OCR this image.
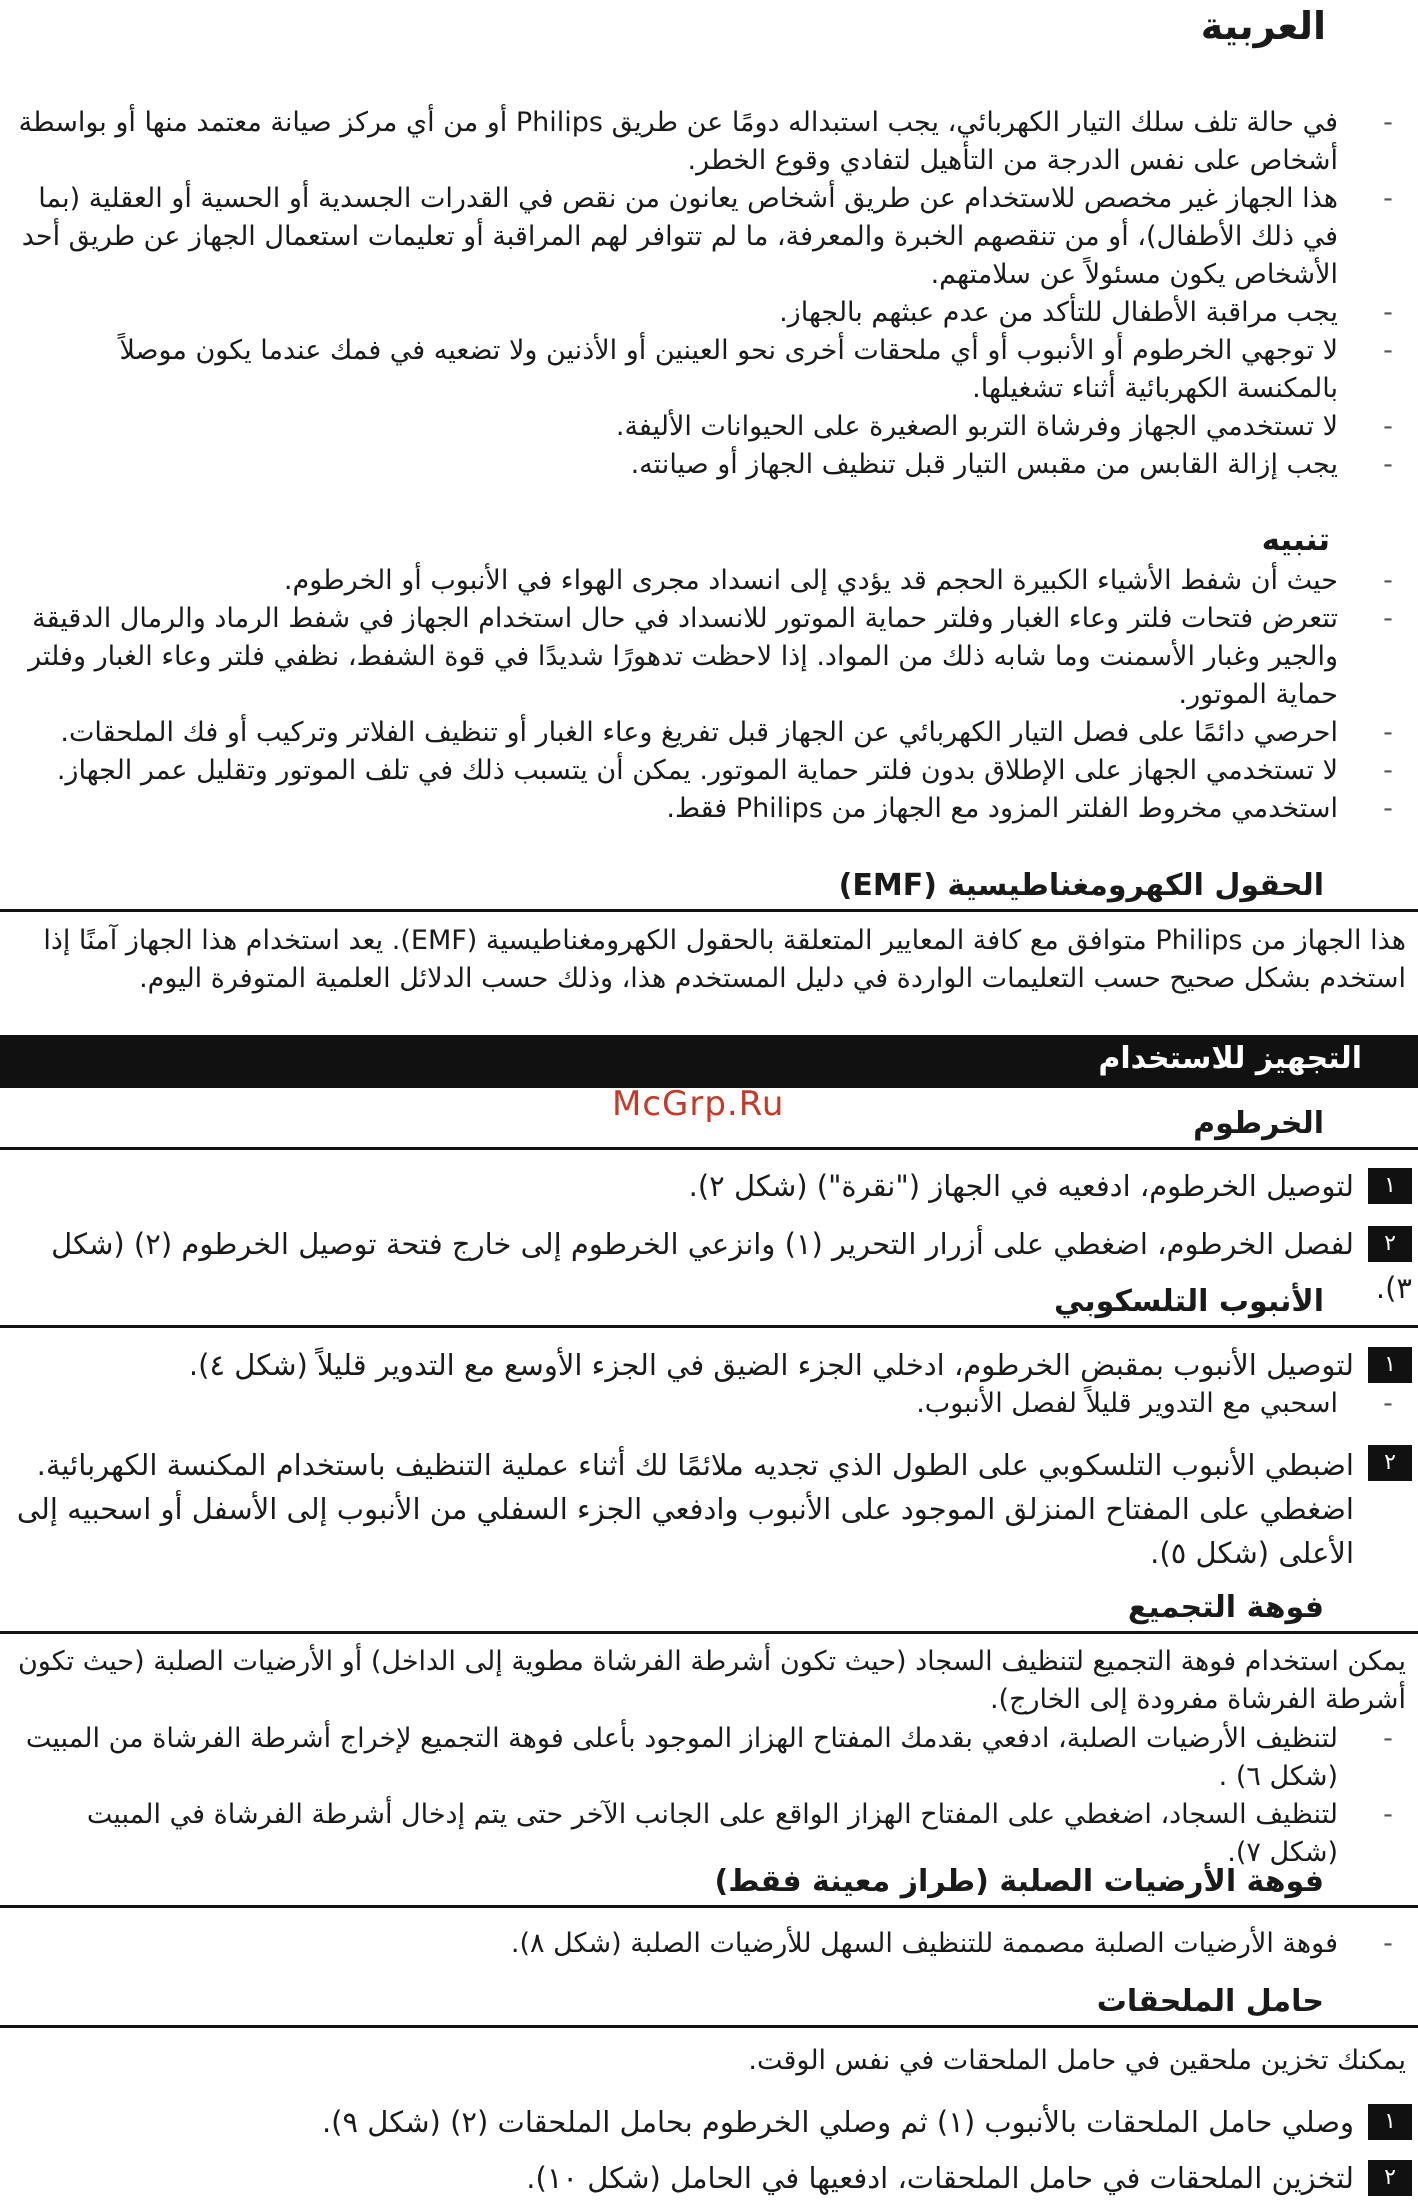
العربية
- في حالة تلف سلك التيار الكهربائي، يجب استبداله دومًا عن طريق Philips أو من أي مركز صيانة معتمد منها أو بواسطة أشخاص على نفس الدرجة من التأهيل لتفادي وقوع الخطر.
- هذا الجهاز غير مخصص للاستخدام عن طريق أشخاص يعانون من نقص في القدرات الجسدية أو الحسية أو العقلية (بما في ذلك الأطفال)، أو من تنقصهم الخبرة والمعرفة، ما لم تتوافر لهم المراقبة أو تعليمات استعمال الجهاز عن طريق أحد الأشخاص يكون مسئولاً عن سلامتهم.
- يجب مراقبة الأطفال للتأكد من عدم عبثهم بالجهاز.
- لا توجهي الخرطوم أو الأنبوب أو أي ملحقات أخرى نحو العينين أو الأذنين ولا تضعيه في فمك عندما يكون موصلاً بالمكنسة الكهربائية أثناء تشغيلها.
- لا تستخدمي الجهاز وفرشاة التربو الصغيرة على الحيوانات الأليفة.
- يجب إزالة القابس من مقبس التيار قبل تنظيف الجهاز أو صيانته.
تنبيه
- حيث أن شفط الأشياء الكبيرة الحجم قد يؤدي إلى انسداد مجرى الهواء في الأنبوب أو الخرطوم.
- تتعرض فتحات فلتر وعاء الغبار وفلتر حماية الموتور للانسداد في حال استخدام الجهاز في شفط الرماد والرمال الدقيقة والجير وغبار الأسمنت وما شابه ذلك من المواد. إذا لاحظت تدهورًا شديدًا في قوة الشفط، نظفي فلتر وعاء الغبار وفلتر حماية الموتور.
- احرصي دائمًا على فصل التيار الكهربائي عن الجهاز قبل تفريغ وعاء الغبار أو تنظيف الفلاتر وتركيب أو فك الملحقات.
- لا تستخدمي الجهاز على الإطلاق بدون فلتر حماية الموتور. يمكن أن يتسبب ذلك في تلف الموتور وتقليل عمر الجهاز.
- استخدمي مخروط الفلتر المزود مع الجهاز من Philips فقط.
الحقول الكهرومغناطيسية (EMF)

هذا الجهاز من Philips متوافق مع كافة المعايير المتعلقة بالحقول الكهرومغناطيسية (EMF). يعد استخدام هذا الجهاز آمنًا إذا استخدم بشكل صحيح حسب التعليمات الواردة في دليل المستخدم هذا، وذلك حسب الدلائل العلمية المتوفرة اليوم.

التجهيز للاستخدام
McGrp.Ru	الخرطوم
١لتوصيل الخرطوم، ادفعيه في الجهاز ("نقرة") (شكل ٢).
٢لفصل الخرطوم، اضغطي على أزرار التحرير (١) وانزعي الخرطوم إلى خارج فتحة توصيل الخرطوم (٢) (شكل ٣).
الأنبوب التلسكوبي
١لتوصيل الأنبوب بمقبض الخرطوم، ادخلي الجزء الضيق في الجزء الأوسع مع التدوير قليلاً (شكل ٤).
- اسحبي مع التدوير قليلاً لفصل الأنبوب.
٢
اضبطي الأنبوب التلسكوبي على الطول الذي تجديه ملائمًا لك أثناء عملية التنظيف باستخدام المكنسة الكهربائية. اضغطي على المفتاح المنزلق الموجود على الأنبوب وادفعي الجزء السفلي من الأنبوب إلى الأسفل أو اسحبيه إلى الأعلى (شكل ٥).
فوهة التجميع

يمكن استخدام فوهة التجميع لتنظيف السجاد (حيث تكون أشرطة الفرشاة مطوية إلى الداخل) أو الأرضيات الصلبة (حيث تكون أشرطة الفرشاة مفرودة إلى الخارج).

- لتنظيف الأرضيات الصلبة، ادفعي بقدمك المفتاح الهزاز الموجود بأعلى فوهة التجميع لإخراج أشرطة الفرشاة من المبيت (شكل ٦) .
- لتنظيف السجاد، اضغطي على المفتاح الهزاز الواقع على الجانب الآخر حتى يتم إدخال أشرطة الفرشاة في المبيت (شكل ٧).
فوهة الأرضيات الصلبة (طراز معينة فقط)
- فوهة الأرضيات الصلبة مصممة للتنظيف السهل للأرضيات الصلبة (شكل ٨).
حامل الملحقات

يمكنك تخزين ملحقين في حامل الملحقات في نفس الوقت.

١وصلي حامل الملحقات بالأنبوب (١) ثم وصلي الخرطوم بحامل الملحقات (٢) (شكل ٩).
٢لتخزين الملحقات في حامل الملحقات، ادفعيها في الحامل (شكل ١٠).
